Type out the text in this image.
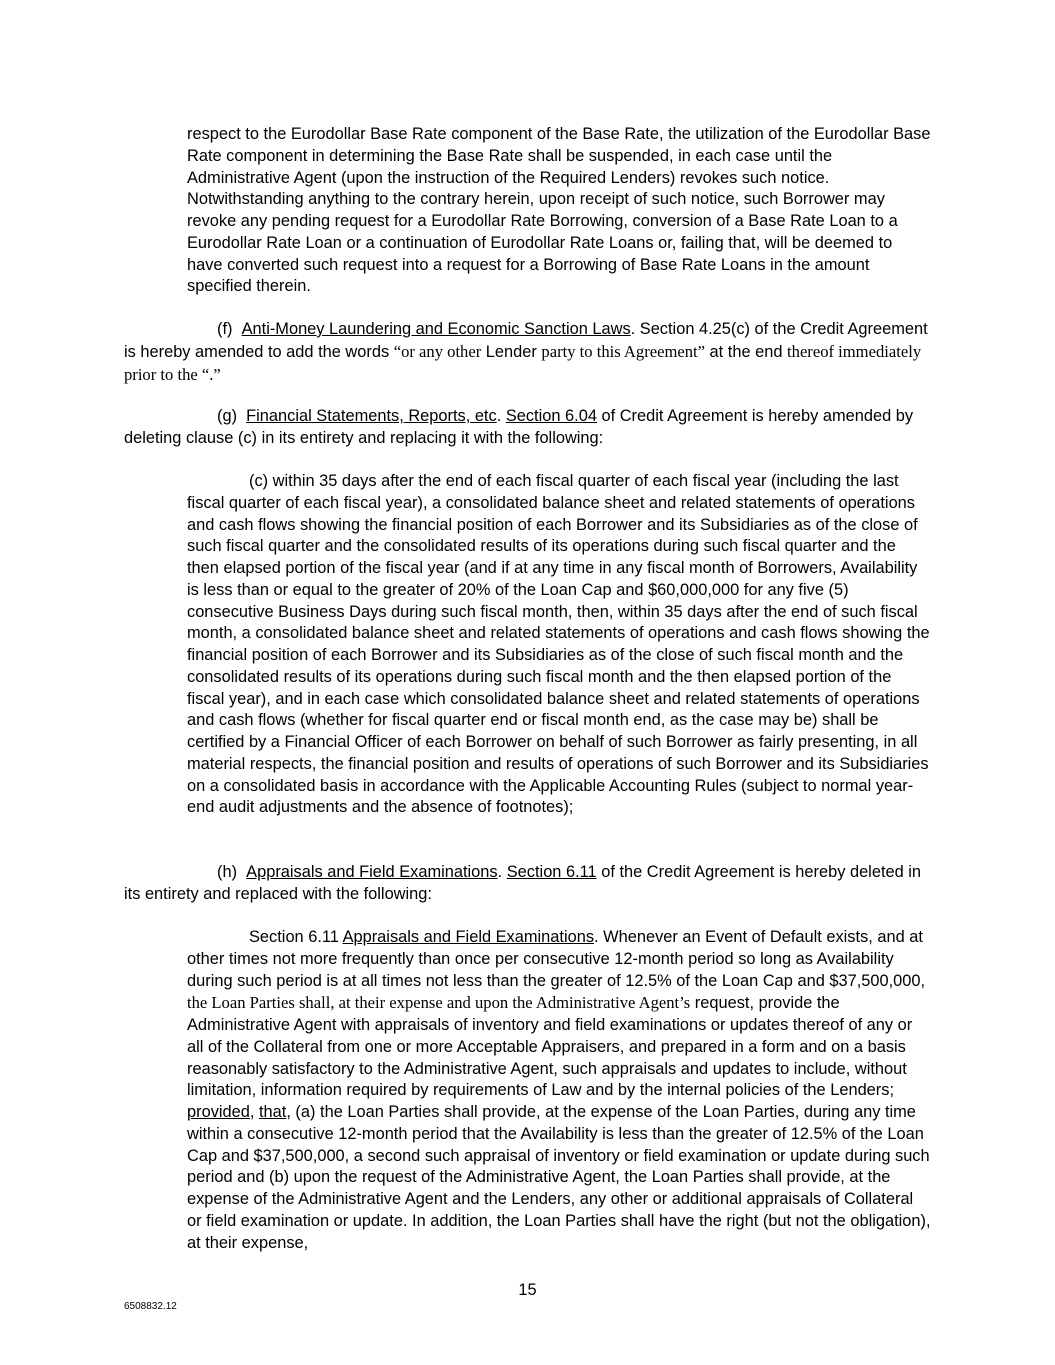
respect to the Eurodollar Base Rate component of the Base Rate, the utilization of the Eurodollar Base Rate component in determining the Base Rate shall be suspended, in each case until the Administrative Agent (upon the instruction of the Required Lenders) revokes such notice. Notwithstanding anything to the contrary herein, upon receipt of such notice, such Borrower may revoke any pending request for a Eurodollar Rate Borrowing, conversion of a Base Rate Loan to a Eurodollar Rate Loan or a continuation of Eurodollar Rate Loans or, failing that, will be deemed to have converted such request into a request for a Borrowing of Base Rate Loans in the amount specified therein.

(f) Anti-Money Laundering and Economic Sanction Laws. Section 4.25(c) of the Credit Agreement is hereby amended to add the words “or any other Lender party to this Agreement” at the end thereof immediately prior to the “.”

(g) Financial Statements, Reports, etc. Section 6.04 of Credit Agreement is hereby amended by deleting clause (c) in its entirety and replacing it with the following:

(c) within 35 days after the end of each fiscal quarter of each fiscal year (including the last fiscal quarter of each fiscal year), a consolidated balance sheet and related statements of operations and cash flows showing the financial position of each Borrower and its Subsidiaries as of the close of such fiscal quarter and the consolidated results of its operations during such fiscal quarter and the then elapsed portion of the fiscal year (and if at any time in any fiscal month of Borrowers, Availability is less than or equal to the greater of 20% of the Loan Cap and $60,000,000 for any five (5) consecutive Business Days during such fiscal month, then, within 35 days after the end of such fiscal month, a consolidated balance sheet and related statements of operations and cash flows showing the financial position of each Borrower and its Subsidiaries as of the close of such fiscal month and the consolidated results of its operations during such fiscal month and the then elapsed portion of the fiscal year), and in each case which consolidated balance sheet and related statements of operations and cash flows (whether for fiscal quarter end or fiscal month end, as the case may be) shall be certified by a Financial Officer of each Borrower on behalf of such Borrower as fairly presenting, in all material respects, the financial position and results of operations of such Borrower and its Subsidiaries on a consolidated basis in accordance with the Applicable Accounting Rules (subject to normal year-end audit adjustments and the absence of footnotes);

(h) Appraisals and Field Examinations. Section 6.11 of the Credit Agreement is hereby deleted in its entirety and replaced with the following:

Section 6.11 Appraisals and Field Examinations. Whenever an Event of Default exists, and at other times not more frequently than once per consecutive 12-month period so long as Availability during such period is at all times not less than the greater of 12.5% of the Loan Cap and $37,500,000, the Loan Parties shall, at their expense and upon the Administrative Agent’s request, provide the Administrative Agent with appraisals of inventory and field examinations or updates thereof of any or all of the Collateral from one or more Acceptable Appraisers, and prepared in a form and on a basis reasonably satisfactory to the Administrative Agent, such appraisals and updates to include, without limitation, information required by requirements of Law and by the internal policies of the Lenders; provided, that, (a) the Loan Parties shall provide, at the expense of the Loan Parties, during any time within a consecutive 12-month period that the Availability is less than the greater of 12.5% of the Loan Cap and $37,500,000, a second such appraisal of inventory or field examination or update during such period and (b) upon the request of the Administrative Agent, the Loan Parties shall provide, at the expense of the Administrative Agent and the Lenders, any other or additional appraisals of Collateral or field examination or update. In addition, the Loan Parties shall have the right (but not the obligation), at their expense,

15
6508832.12
